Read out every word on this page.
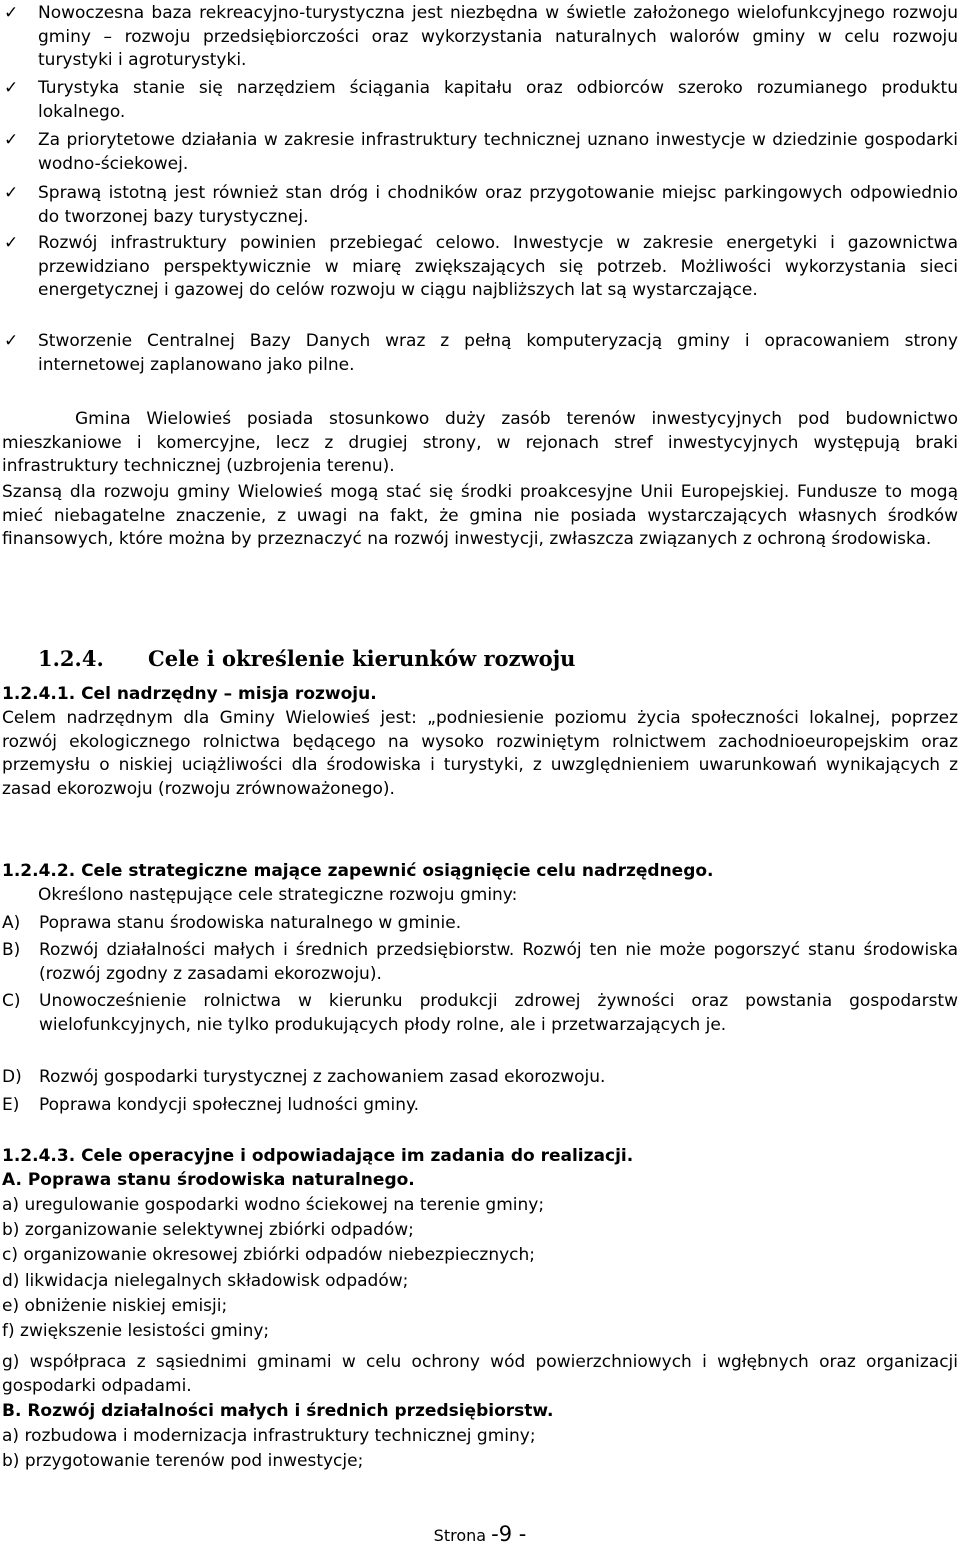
✓ Nowoczesna baza rekreacyjno-turystyczna jest niezbędna w świetle założonego wielofunkcyjnego rozwoju gminy – rozwoju przedsiębiorczości oraz wykorzystania naturalnych walorów gminy w celu rozwoju turystyki i agroturystyki.
✓ Turystyka stanie się narzędziem ściągania kapitału oraz odbiorców szeroko rozumianego produktu lokalnego.
✓ Za priorytetowe działania w zakresie infrastruktury technicznej uznano inwestycje w dziedzinie gospodarki wodno-ściekowej.
✓ Sprawą istotną jest również stan dróg i chodników oraz przygotowanie miejsc parkingowych odpowiednio do tworzonej bazy turystycznej.
✓ Rozwój infrastruktury powinien przebiegać celowo. Inwestycje w zakresie energetyki i gazownictwa przewidziano perspektywicznie w miarę zwiększających się potrzeb. Możliwości wykorzystania sieci energetycznej i gazowej do celów rozwoju w ciągu najbliższych lat są wystarczające.
✓ Stworzenie Centralnej Bazy Danych wraz z pełną komputeryzacją gminy i opracowaniem strony internetowej zaplanowano jako pilne.
Gmina Wielowieś posiada stosunkowo duży zasób terenów inwestycyjnych pod budownictwo mieszkaniowe i komercyjne, lecz z drugiej strony, w rejonach stref inwestycyjnych występują braki infrastruktury technicznej (uzbrojenia terenu).
Szansą dla rozwoju gminy Wielowieś mogą stać się środki proakcesyjne Unii Europejskiej. Fundusze to mogą mieć niebagatelne znaczenie, z uwagi na fakt, że gmina nie posiada wystarczających własnych środków finansowych, które można by przeznaczyć na rozwój inwestycji, zwłaszcza związanych z ochroną środowiska.
1.2.4. Cele i określenie kierunków rozwoju
1.2.4.1. Cel nadrzędny – misja rozwoju.
Celem nadrzędnym dla Gminy Wielowieś jest: „podniesienie poziomu życia społeczności lokalnej, poprzez rozwój ekologicznego rolnictwa będącego na wysoko rozwiniętym rolnictwem zachodnioeuropejskim oraz przemysłu o niskiej uciążliwości dla środowiska i turystyki, z uwzględnieniem uwarunkowań wynikających z zasad ekorozwoju (rozwoju zrównoważonego).
1.2.4.2. Cele strategiczne mające zapewnić osiągnięcie celu nadrzędnego.
Określono następujące cele strategiczne rozwoju gminy:
A) Poprawa stanu środowiska naturalnego w gminie.
B) Rozwój działalności małych i średnich przedsiębiorstw. Rozwój ten nie może pogorszyć stanu środowiska (rozwój zgodny z zasadami ekorozwoju).
C) Unowocześnienie rolnictwa w kierunku produkcji zdrowej żywności oraz powstania gospodarstw wielofunkcyjnych, nie tylko produkujących płody rolne, ale i przetwarzających je.
D) Rozwój gospodarki turystycznej z zachowaniem zasad ekorozwoju.
E) Poprawa kondycji społecznej ludności gminy.
1.2.4.3. Cele operacyjne i odpowiadające im zadania do realizacji.
A. Poprawa stanu środowiska naturalnego.
a) uregulowanie gospodarki wodno ściekowej na terenie gminy;
b) zorganizowanie selektywnej zbiórki odpadów;
c) organizowanie okresowej zbiórki odpadów niebezpiecznych;
d) likwidacja nielegalnych składowisk odpadów;
e) obniżenie niskiej emisji;
f) zwiększenie lesistości gminy;
g) współpraca z sąsiednimi gminami w celu ochrony wód powierzchniowych i wgłębnych oraz organizacji gospodarki odpadami.
B. Rozwój działalności małych i średnich przedsiębiorstw.
a) rozbudowa i modernizacja infrastruktury technicznej gminy;
b) przygotowanie terenów pod inwestycje;
Strona -9 -
